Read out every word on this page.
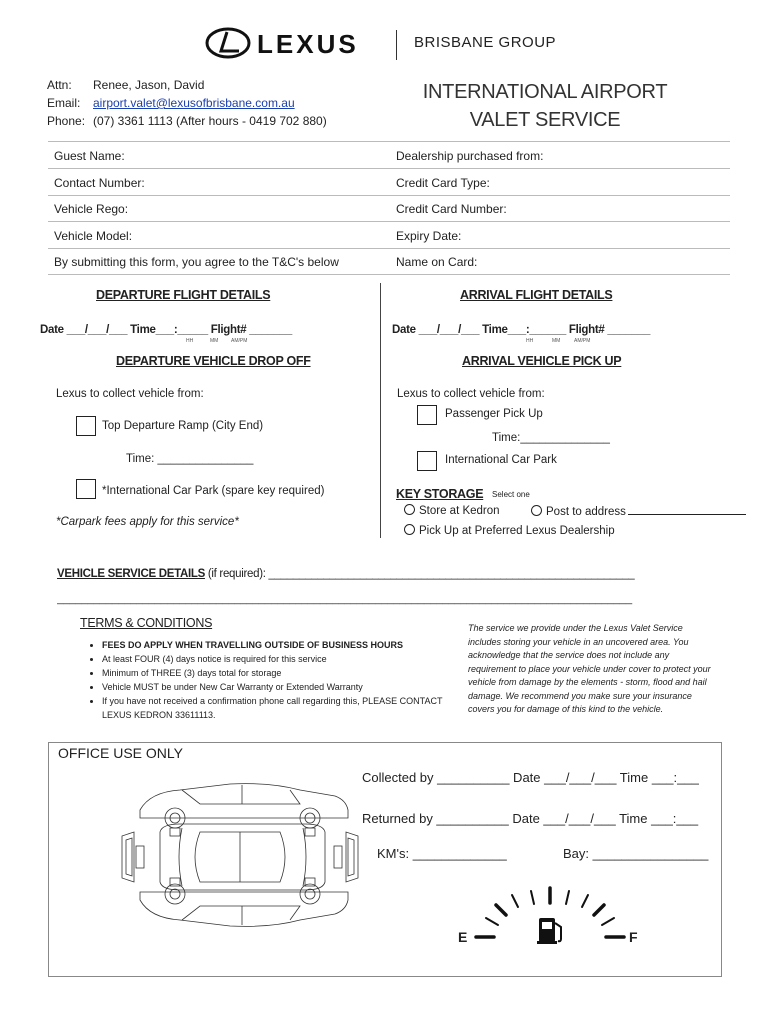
LEXUS	BRISBANE GROUP
Attn: Renee, Jason, David
Email: airport.valet@lexusofbrisbane.com.au
Phone: (07) 3361 1113 (After hours - 0419 702 880)
INTERNATIONAL AIRPORT
VALET SERVICE
Guest Name:	Dealership purchased from:
Contact Number:	Credit Card Type:
Vehicle Rego:	Credit Card Number:
Vehicle Model:	Expiry Date:
By submitting this form, you agree to the T&C's below	Name on Card:
DEPARTURE FLIGHT DETAILS
Date ___/___/___ Time___:_____ Flight# _______
HH	MM	AM/PM
DEPARTURE VEHICLE DROP OFF
Lexus to collect vehicle from:
Top Departure Ramp (City End)
Time: _______________
*International Car Park (spare key required)
*Carpark fees apply for this service*
ARRIVAL FLIGHT DETAILS
Date ___/___/___ Time___:______ Flight# _______
HH	MM	AM/PM
ARRIVAL VEHICLE PICK UP
Lexus to collect vehicle from:
Passenger Pick Up
Time:______________
International Car Park
KEY STORAGE Select one
Store at Kedron	Post to address
Pick Up at Preferred Lexus Dealership
VEHICLE SERVICE DETAILS (if required): ____________________________________________________________
______________________________________________________________________________________________
TERMS & CONDITIONS
• FEES DO APPLY WHEN TRAVELLING OUTSIDE OF BUSINESS HOURS
• At least FOUR (4) days notice is required for this service
• Minimum of THREE (3) days total for storage
• Vehicle MUST be under New Car Warranty or Extended Warranty
• If you have not received a confirmation phone call regarding this, PLEASE CONTACT LEXUS KEDRON 33611113.
The service we provide under the Lexus Valet Service includes storing your vehicle in an uncovered area. You acknowledge that the service does not include any requirement to place your vehicle under cover to protect your vehicle from damage by the elements - storm, flood and hail damage. We recommend you make sure your insurance covers you for damage of this kind to the vehicle.
OFFICE USE ONLY
Collected by __________ Date ___/___/___ Time ___:___
Returned by __________ Date ___/___/___ Time ___:___
KM's: _____________	Bay: ________________
E	F
